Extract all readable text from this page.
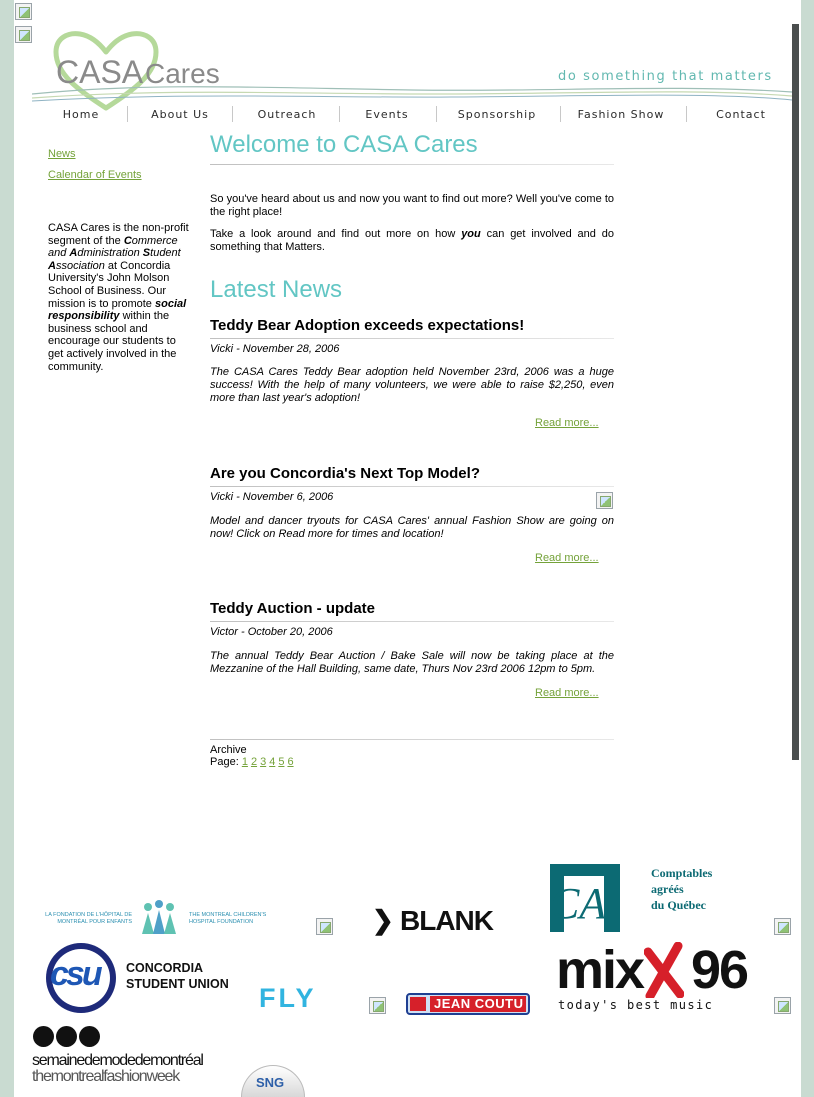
CASA Cares	do something that matters
Home	About Us	Outreach	Events	Sponsorship	Fashion Show	Contact
News
Calendar of Events
CASA Cares is the non-profit segment of the Commerce and Administration Student Association at Concordia University's John Molson School of Business. Our mission is to promote social responsibility within the business school and encourage our students to get actively involved in the community.
Welcome to CASA Cares
So you've heard about us and now you want to find out more? Well you've come to the right place!
Take a look around and find out more on how you can get involved and do something that Matters.
Latest News
Teddy Bear Adoption exceeds expectations!
Vicki - November 28, 2006
The CASA Cares Teddy Bear adoption held November 23rd, 2006 was a huge success! With the help of many volunteers, we were able to raise $2,250, even more than last year's adoption!
Read more...
Are you Concordia's Next Top Model?
Vicki - November 6, 2006
Model and dancer tryouts for CASA Cares' annual Fashion Show are going on now! Click on Read more for times and location!
Read more...
Teddy Auction - update
Victor - October 20, 2006
The annual Teddy Bear Auction / Bake Sale will now be taking place at the Mezzanine of the Hall Building, same date, Thurs Nov 23rd 2006 12pm to 5pm.
Read more...
Archive
Page: 1 2 3 4 5 6
LA FONDATION DE L'HÔPITAL DE MONTRÉAL POUR ENFANTS
THE MONTREAL CHILDREN'S HOSPITAL FOUNDATION	❯ BLANK CA
Comptables
agréés
du Québec
csu CONCORDIA
STUDENT UNION FLY	JEAN COUTU
mix 96
today's best music
semainedemodedemontréal
themontrealfashionweek	SNG
